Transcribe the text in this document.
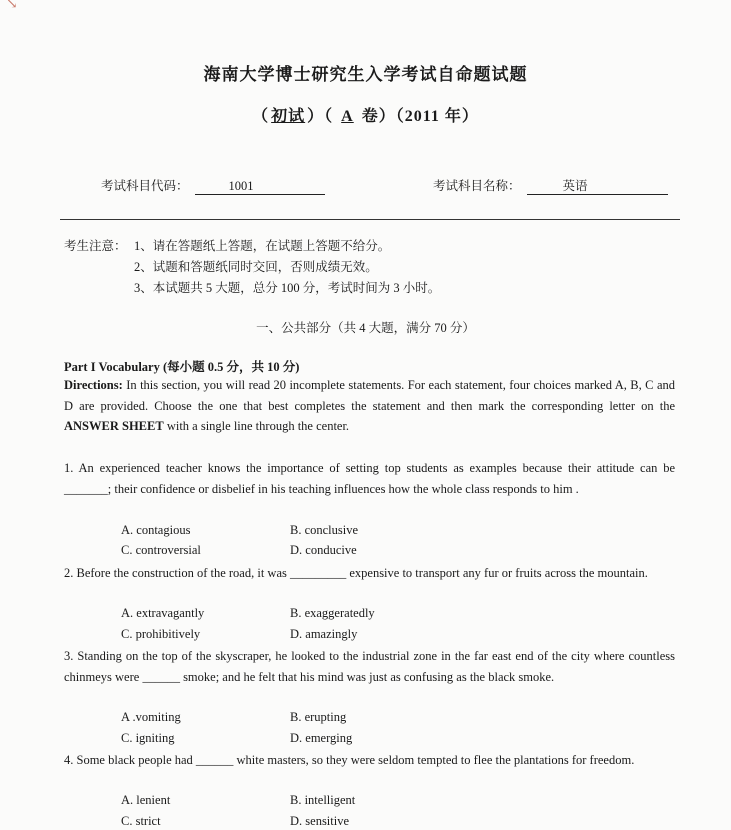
↘
海南大学博士研究生入学考试自命题试题
（ 初试 ）（ A 卷）（2011 年）
考试科目代码：	1001	考试科目名称：	英语
考生注意： 1、请在答题纸上答题，在试题上答题不给分。
2、试题和答题纸同时交回，否则成绩无效。
3、本试题共 5 大题，总分 100 分，考试时间为 3 小时。
一、公共部分（共 4 大题，满分 70 分）
Part I Vocabulary (每小题 0.5 分，共 10 分)
Directions: In this section, you will read 20 incomplete statements. For each statement, four choices marked A, B, C and D are provided. Choose the one that best completes the statement and then mark the corresponding letter on the ANSWER SHEET with a single line through the center.
1. An experienced teacher knows the importance of setting top students as examples because their attitude can be _______; their confidence or disbelief in his teaching influences how the whole class responds to him .
A. contagious	B. conclusive
C. controversial	D. conducive
2. Before the construction of the road, it was _________ expensive to transport any fur or fruits across the mountain.
A. extravagantly	B. exaggeratedly
C. prohibitively	D. amazingly
3. Standing on the top of the skyscraper, he looked to the industrial zone in the far east end of the city where countless chinmeys were ______ smoke; and he felt that his mind was just as confusing as the black smoke.
A .vomiting	B. erupting
C. igniting	D. emerging
4. Some black people had ______ white masters, so they were seldom tempted to flee the plantations for freedom.
A. lenient	B. intelligent
C. strict	D. sensitive
